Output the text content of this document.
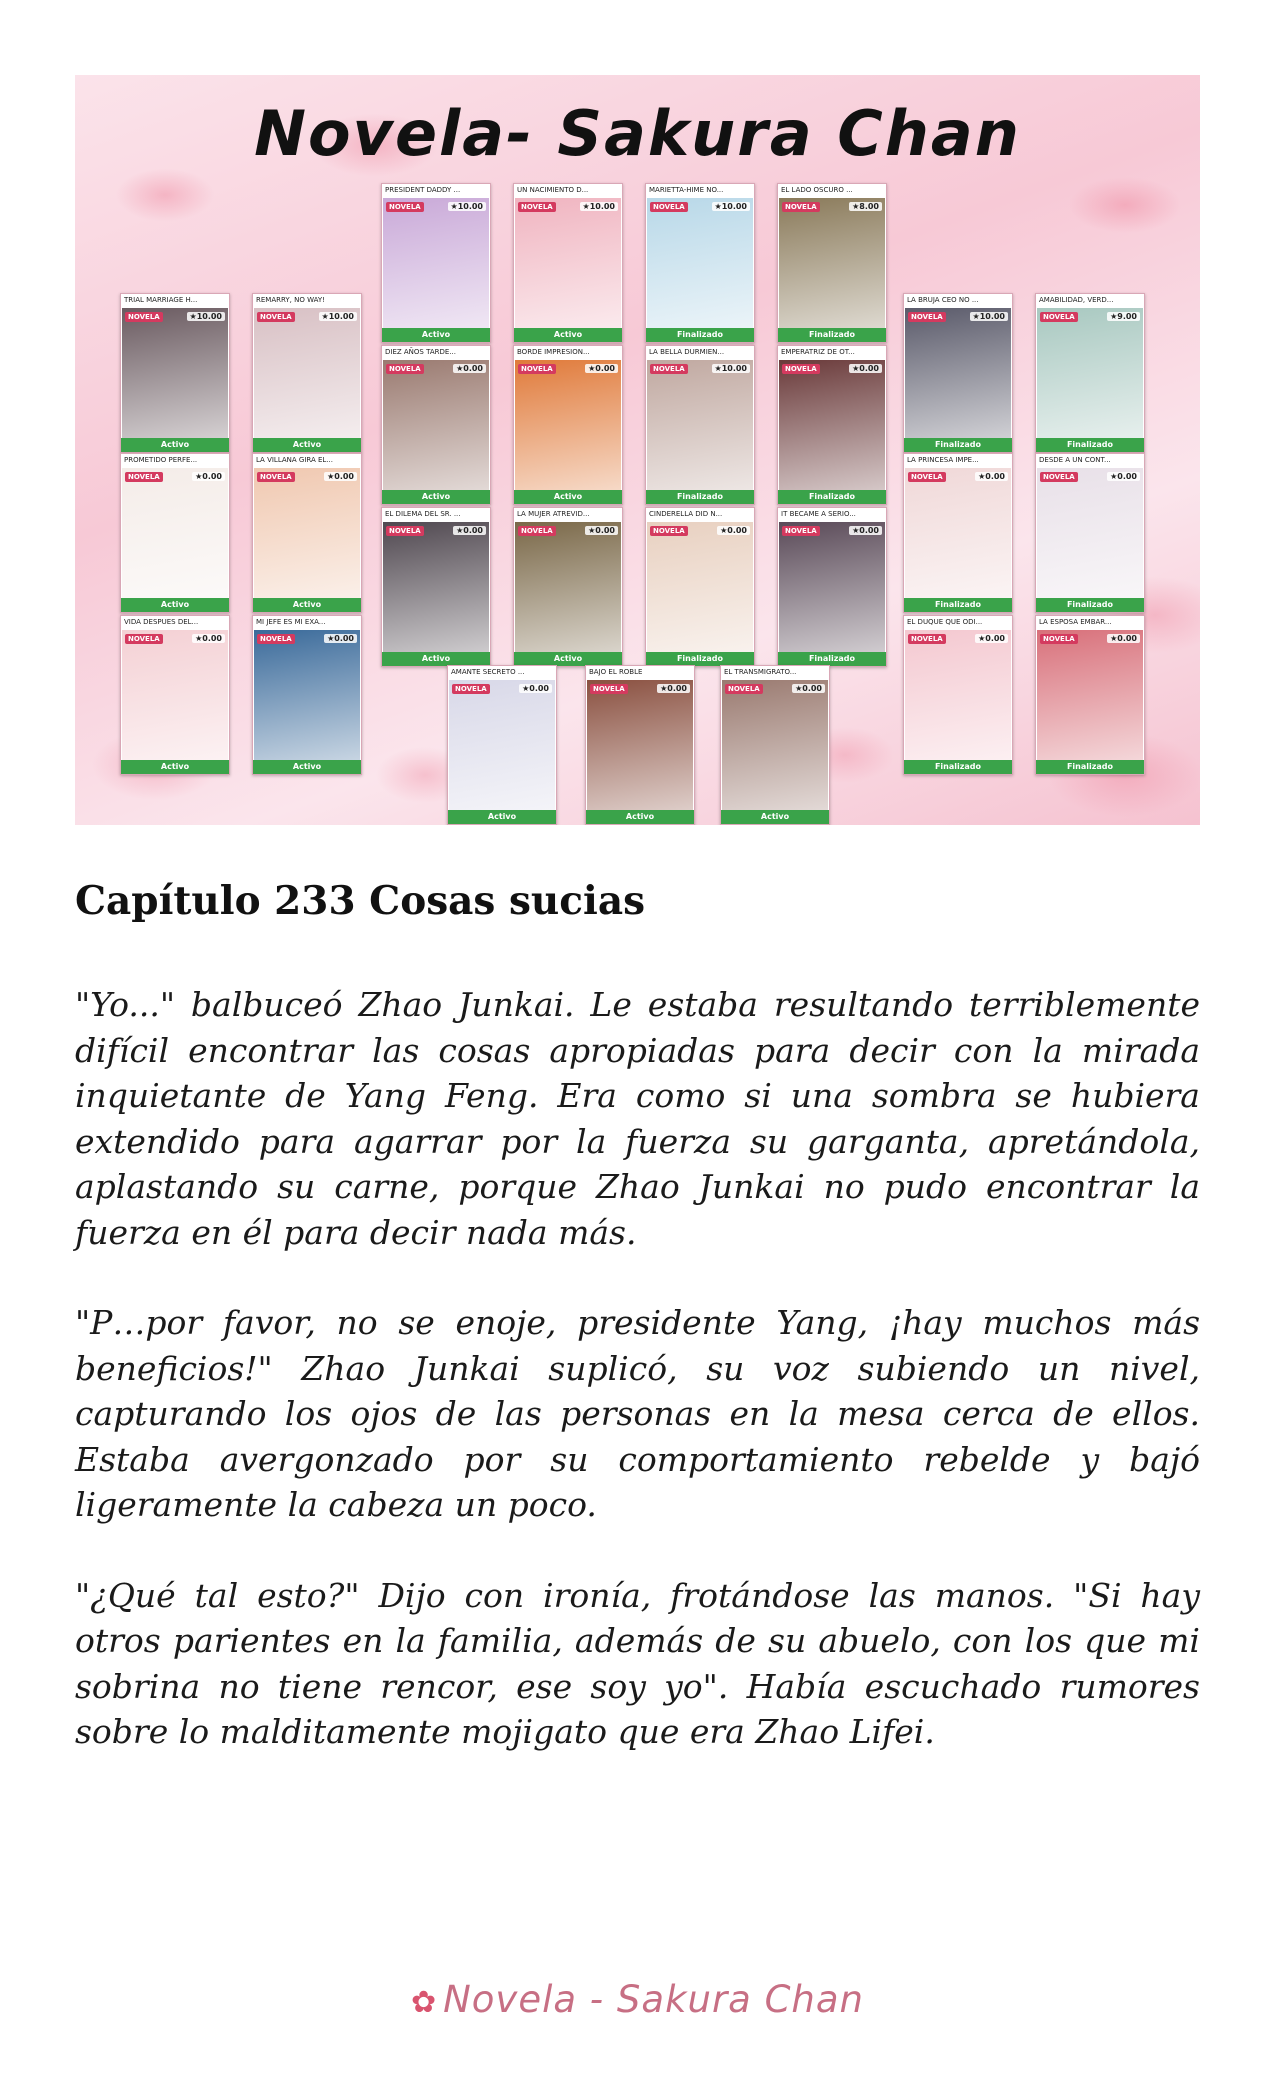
Novela- Sakura Chan
PRESIDENT DADDY ...
NOVELA	★10.00
Activo
UN NACIMIENTO D...
NOVELA	★10.00
Activo
MARIETTA-HIME NO...
NOVELA	★10.00
Finalizado
EL LADO OSCURO ...
NOVELA	★8.00
Finalizado
TRIAL MARRIAGE H...
NOVELA	★10.00
Activo
REMARRY, NO WAY!
NOVELA	★10.00
Activo
DIEZ AÑOS TARDE...
NOVELA	★0.00
Activo
BORDE IMPRESION...
NOVELA	★0.00
Activo
LA BELLA DURMIEN...
NOVELA	★10.00
Finalizado
EMPERATRIZ DE OT...
NOVELA	★0.00
Finalizado
LA BRUJA CEO NO ...
NOVELA	★10.00
Finalizado
AMABILIDAD, VERD...
NOVELA	★9.00
Finalizado
PROMETIDO PERFE...
NOVELA	★0.00
Activo
LA VILLANA GIRA EL...
NOVELA	★0.00
Activo
EL DILEMA DEL SR. ...
NOVELA	★0.00
Activo
LA MUJER ATREVID...
NOVELA	★0.00
Activo
CINDERELLA DID N...
NOVELA	★0.00
Finalizado
IT BECAME A SERIO...
NOVELA	★0.00
Finalizado
LA PRINCESA IMPE...
NOVELA	★0.00
Finalizado
DESDE A UN CONT...
NOVELA	★0.00
Finalizado
VIDA DESPUES DEL...
NOVELA	★0.00
Activo
MI JEFE ES MI EXA...
NOVELA	★0.00
Activo
AMANTE SECRETO ...
NOVELA	★0.00
Activo
BAJO EL ROBLE
NOVELA	★0.00
Activo
EL TRANSMIGRATO...
NOVELA	★0.00
Activo
EL DUQUE QUE ODI...
NOVELA	★0.00
Finalizado
LA ESPOSA EMBAR...
NOVELA	★0.00
Finalizado
Capítulo 233 Cosas sucias

"Yo..." balbuceó Zhao Junkai. Le estaba resultando terriblemente difícil encontrar las cosas apropiadas para decir con la mirada inquietante de Yang Feng. Era como si una sombra se hubiera extendido para agarrar por la fuerza su garganta, apretándola, aplastando su carne, porque Zhao Junkai no pudo encontrar la fuerza en él para decir nada más.

"P…por favor, no se enoje, presidente Yang, ¡hay muchos más beneficios!" Zhao Junkai suplicó, su voz subiendo un nivel, capturando los ojos de las personas en la mesa cerca de ellos. Estaba avergonzado por su comportamiento rebelde y bajó ligeramente la cabeza un poco.

"¿Qué tal esto?" Dijo con ironía, frotándose las manos. "Si hay otros parientes en la familia, además de su abuelo, con los que mi sobrina no tiene rencor, ese soy yo". Había escuchado rumores sobre lo malditamente mojigato que era Zhao Lifei.

✿ Novela - Sakura Chan
